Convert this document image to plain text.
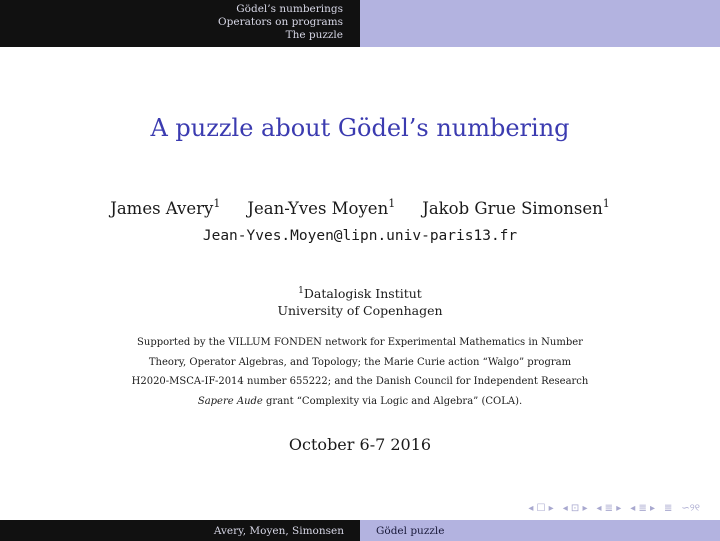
Gödel’s numberings
Operators on programs
The puzzle
A puzzle about Gödel’s numbering
James Avery$^1$ Jean-Yves Moyen$^1$ Jakob Grue Simonsen$^1$
Jean-Yves.Moyen@lipn.univ-paris13.fr
$^1$Datalogisk Institut
University of Copenhagen
Supported by the VILLUM FONDEN network for Experimental Mathematics in Number
Theory, Operator Algebras, and Topology; the Marie Curie action “Walgo” program
H2020-MSCA-IF-2014 number 655222; and the Danish Council for Independent Research
Sapere Aude grant “Complexity via Logic and Algebra” (COLA).
October 6-7 2016
◂ ☐ ▸ ◂ ⊡ ▸ ◂ ≣ ▸ ◂ ≣ ▸ ≣ ∽୨୧
Avery, Moyen, Simonsen	Gödel puzzle
